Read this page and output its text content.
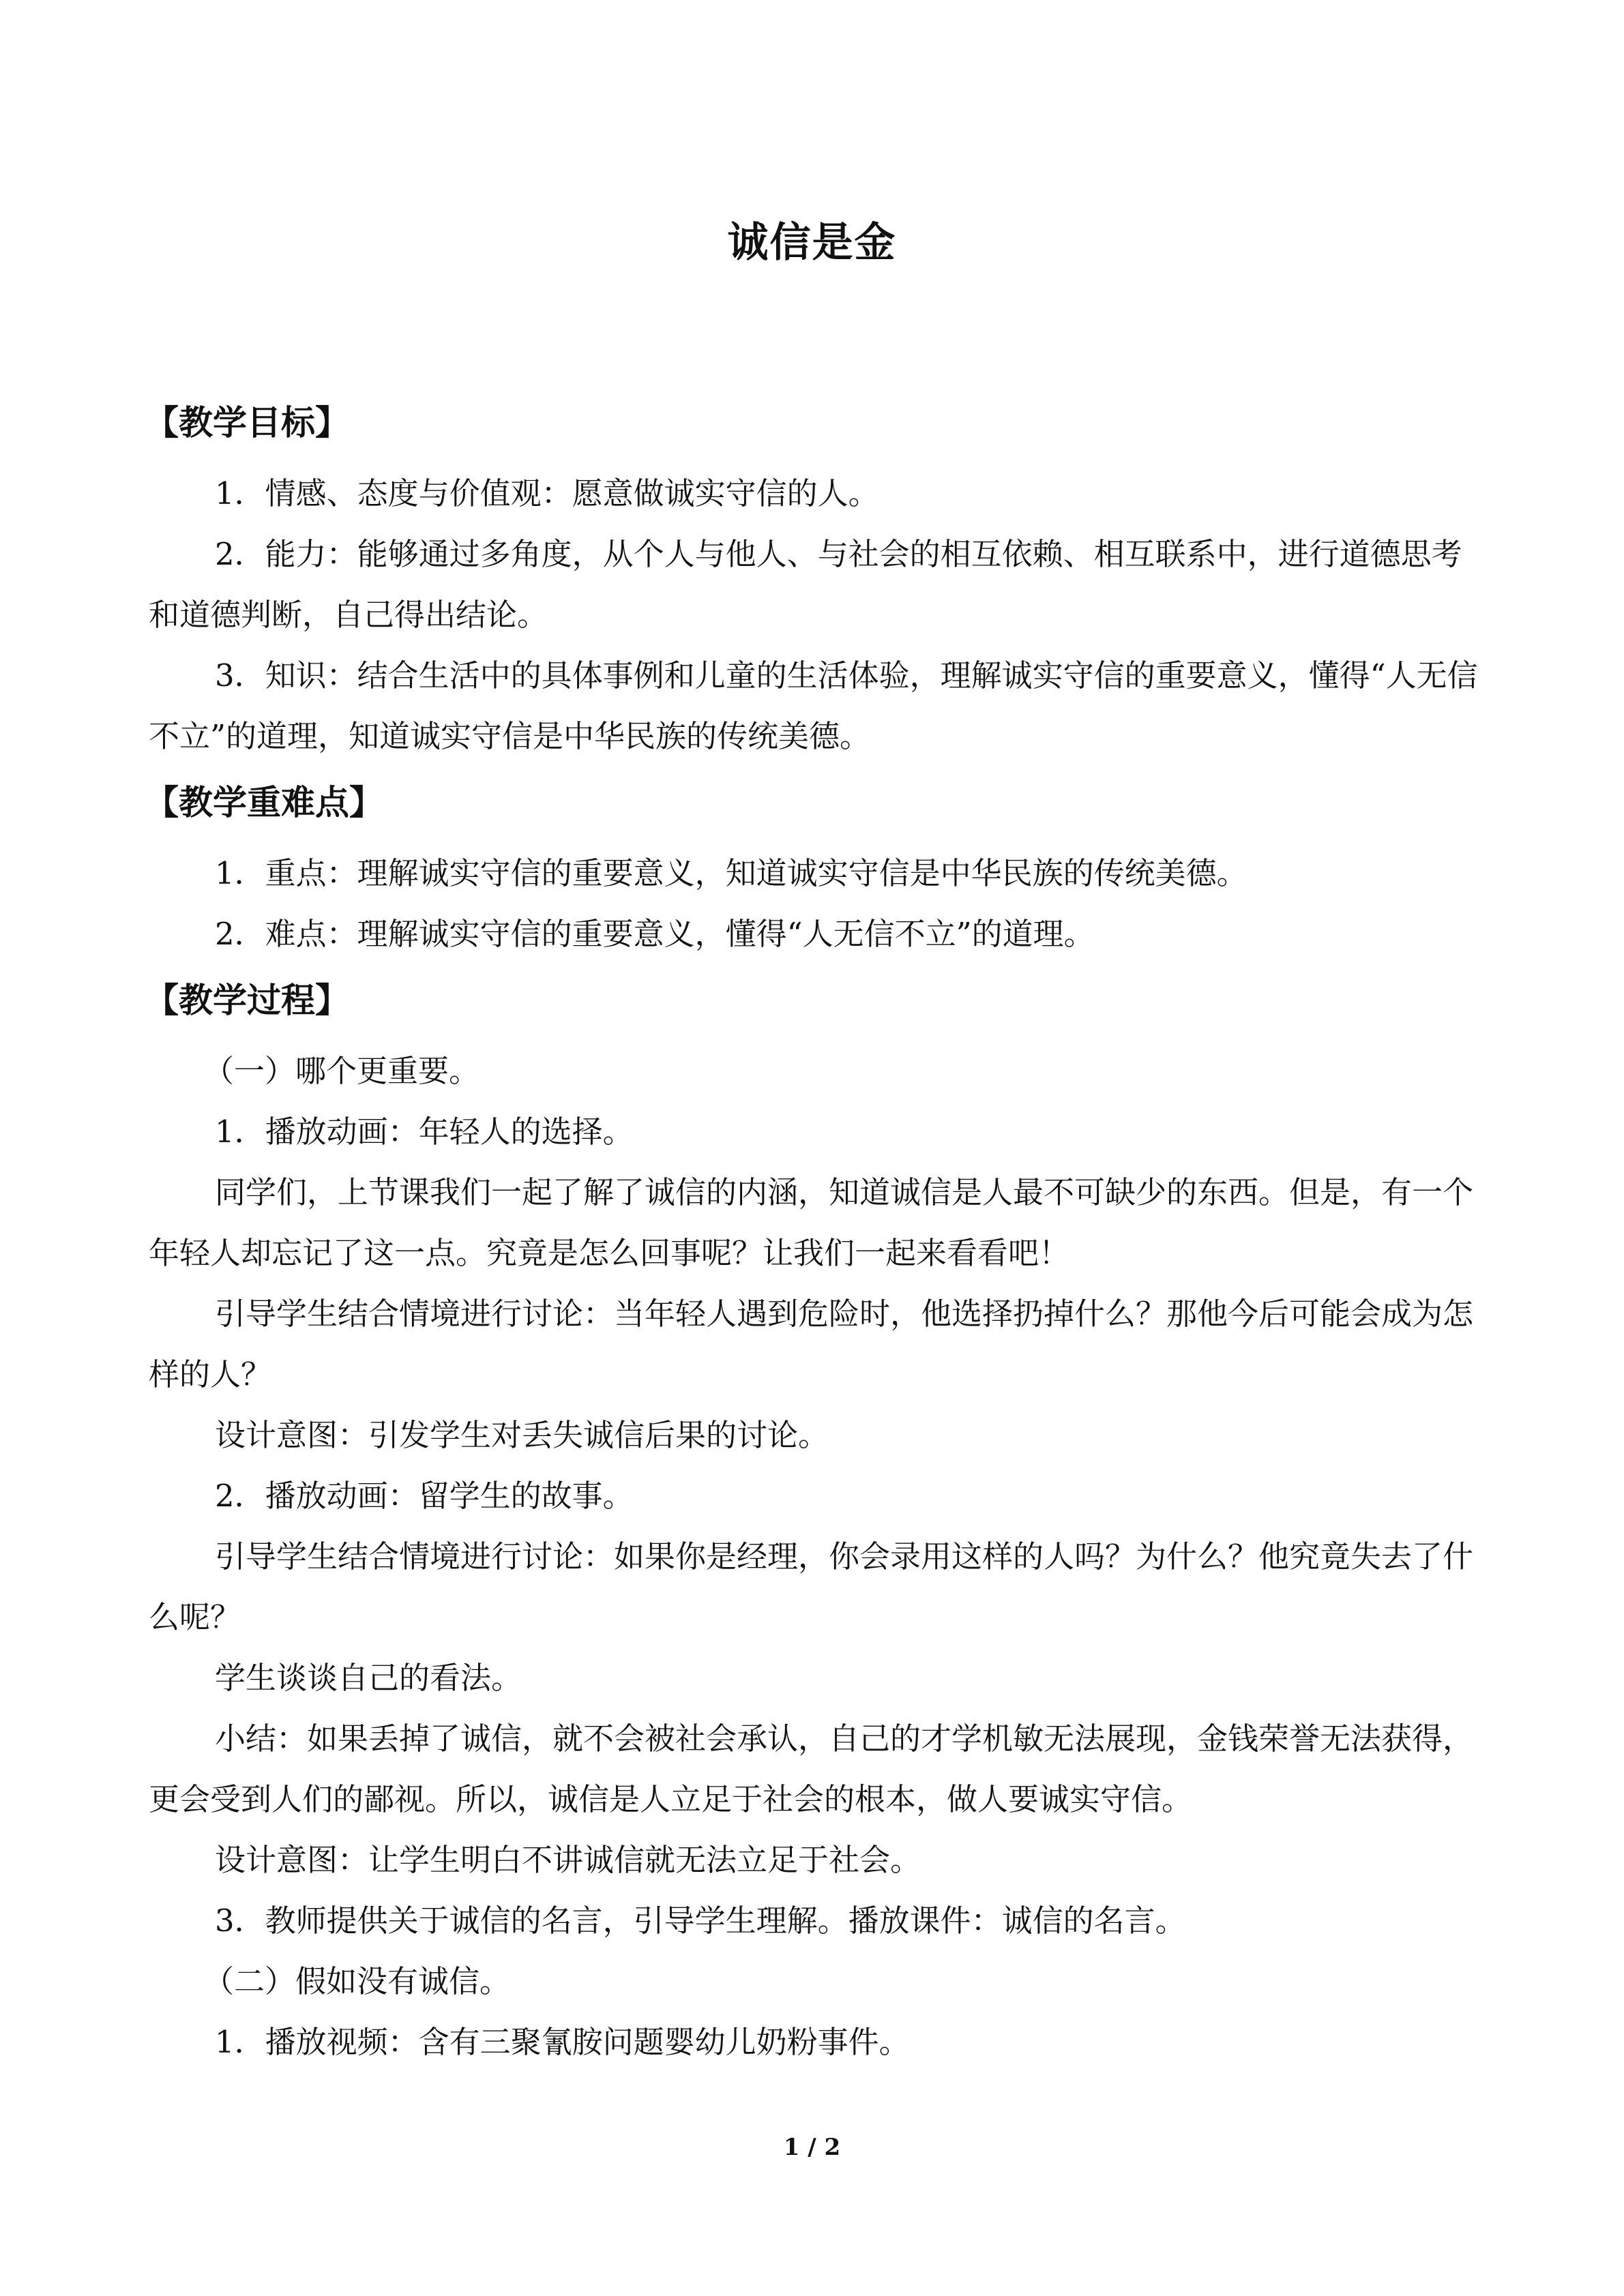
诚信是金
【教学目标】

1．情感、态度与价值观：愿意做诚实守信的人。

2．能力：能够通过多角度，从个人与他人、与社会的相互依赖、相互联系中，进行道德思考和道德判断，自己得出结论。

3．知识：结合生活中的具体事例和儿童的生活体验，理解诚实守信的重要意义，懂得“人无信不立”的道理，知道诚实守信是中华民族的传统美德。

【教学重难点】

1．重点：理解诚实守信的重要意义，知道诚实守信是中华民族的传统美德。

2．难点：理解诚实守信的重要意义，懂得“人无信不立”的道理。

【教学过程】

（一）哪个更重要。

1．播放动画：年轻人的选择。

同学们，上节课我们一起了解了诚信的内涵，知道诚信是人最不可缺少的东西。但是，有一个年轻人却忘记了这一点。究竟是怎么回事呢？让我们一起来看看吧！

引导学生结合情境进行讨论：当年轻人遇到危险时，他选择扔掉什么？那他今后可能会成为怎样的人？

设计意图：引发学生对丢失诚信后果的讨论。

2．播放动画：留学生的故事。

引导学生结合情境进行讨论：如果你是经理，你会录用这样的人吗？为什么？他究竟失去了什么呢？

学生谈谈自己的看法。

小结：如果丢掉了诚信，就不会被社会承认，自己的才学机敏无法展现，金钱荣誉无法获得，更会受到人们的鄙视。所以，诚信是人立足于社会的根本，做人要诚实守信。

设计意图：让学生明白不讲诚信就无法立足于社会。

3．教师提供关于诚信的名言，引导学生理解。播放课件：诚信的名言。

（二）假如没有诚信。

1．播放视频：含有三聚氰胺问题婴幼儿奶粉事件。

1 / 2
